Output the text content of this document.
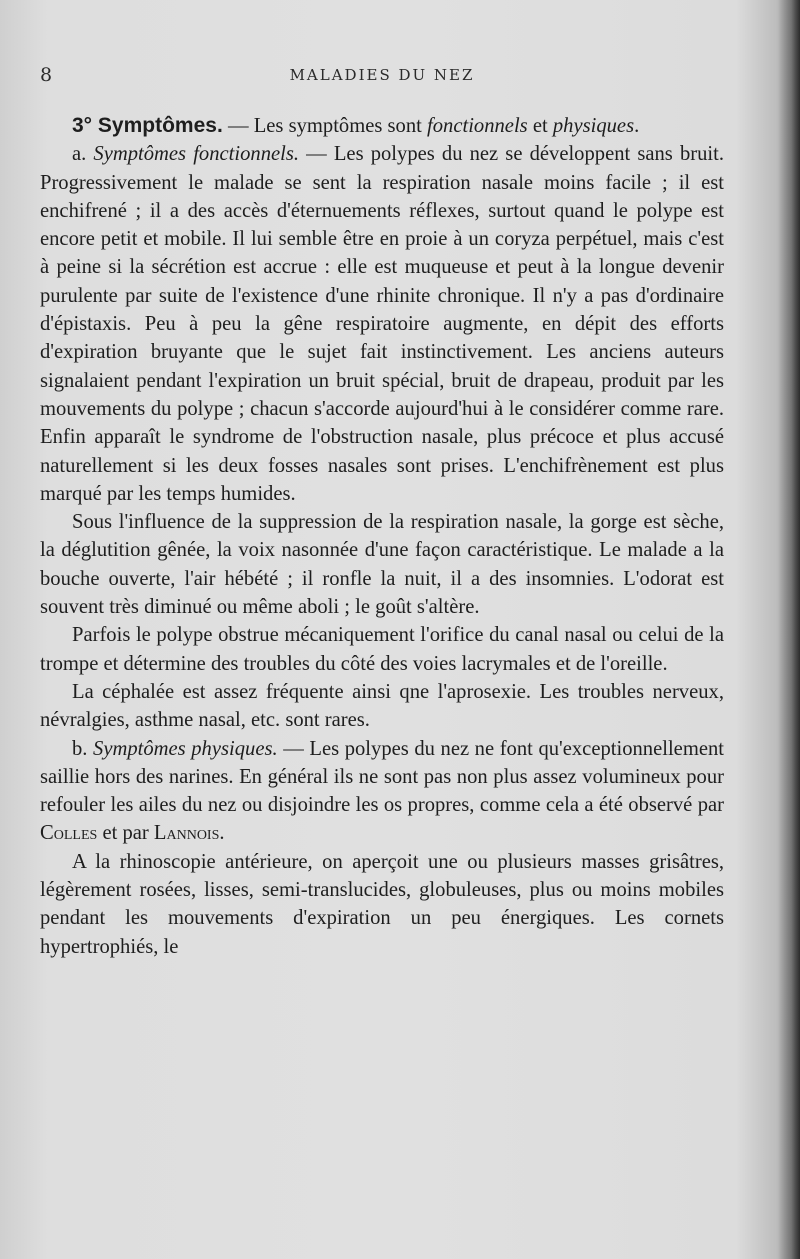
8	MALADIES DU NEZ

3° Symptômes. — Les symptômes sont fonctionnels et physiques.

a. Symptômes fonctionnels. — Les polypes du nez se développent sans bruit. Progressivement le malade se sent la respiration nasale moins facile ; il est enchifrené ; il a des accès d'éternuements réflexes, surtout quand le polype est encore petit et mobile. Il lui semble être en proie à un coryza perpétuel, mais c'est à peine si la sécrétion est accrue : elle est muqueuse et peut à la longue devenir purulente par suite de l'existence d'une rhinite chronique. Il n'y a pas d'ordinaire d'épistaxis. Peu à peu la gêne respiratoire augmente, en dépit des efforts d'expiration bruyante que le sujet fait instinctivement. Les anciens auteurs signalaient pendant l'expiration un bruit spécial, bruit de drapeau, produit par les mouvements du polype ; chacun s'accorde aujourd'hui à le considérer comme rare. Enfin apparaît le syndrome de l'obstruction nasale, plus précoce et plus accusé naturellement si les deux fosses nasales sont prises. L'enchifrènement est plus marqué par les temps humides.

Sous l'influence de la suppression de la respiration nasale, la gorge est sèche, la déglutition gênée, la voix nasonnée d'une façon caractéristique. Le malade a la bouche ouverte, l'air hébété ; il ronfle la nuit, il a des insomnies. L'odorat est souvent très diminué ou même aboli ; le goût s'altère.

Parfois le polype obstrue mécaniquement l'orifice du canal nasal ou celui de la trompe et détermine des troubles du côté des voies lacrymales et de l'oreille.

La céphalée est assez fréquente ainsi qne l'aprosexie. Les troubles nerveux, névralgies, asthme nasal, etc. sont rares.

b. Symptômes physiques. — Les polypes du nez ne font qu'exceptionnellement saillie hors des narines. En général ils ne sont pas non plus assez volumineux pour refouler les ailes du nez ou disjoindre les os propres, comme cela a été observé par Colles et par Lannois.

A la rhinoscopie antérieure, on aperçoit une ou plusieurs masses grisâtres, légèrement rosées, lisses, semi-translucides, globuleuses, plus ou moins mobiles pendant les mouvements d'expiration un peu énergiques. Les cornets hypertrophiés, le
